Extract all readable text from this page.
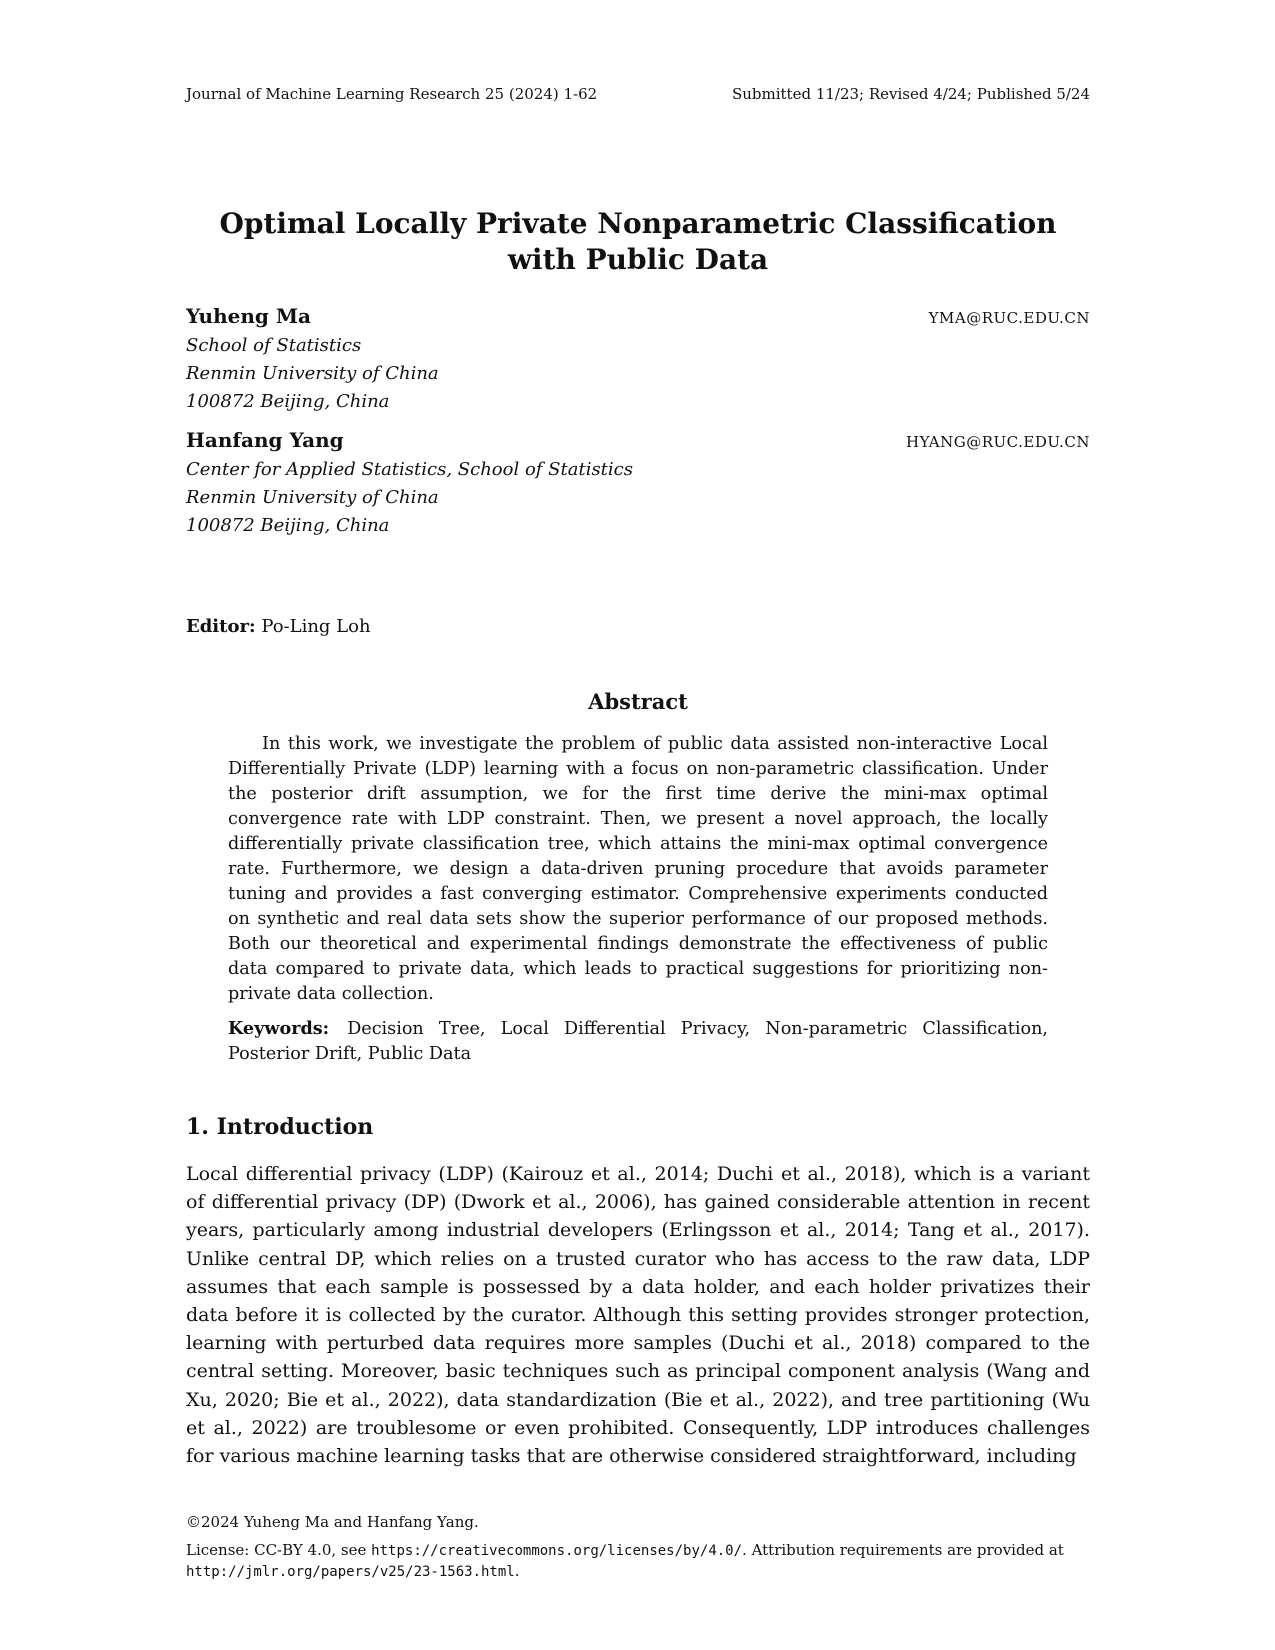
Journal of Machine Learning Research 25 (2024) 1-62	Submitted 11/23; Revised 4/24; Published 5/24
Optimal Locally Private Nonparametric Classification
with Public Data
Yuheng Ma	YMA@RUC.EDU.CN
School of Statistics
Renmin University of China
100872 Beijing, China
Hanfang Yang	HYANG@RUC.EDU.CN
Center for Applied Statistics, School of Statistics
Renmin University of China
100872 Beijing, China
Editor: Po-Ling Loh
Abstract

In this work, we investigate the problem of public data assisted non-interactive Local Differentially Private (LDP) learning with a focus on non-parametric classification. Under the posterior drift assumption, we for the first time derive the mini-max optimal convergence rate with LDP constraint. Then, we present a novel approach, the locally differentially private classification tree, which attains the mini-max optimal convergence rate. Furthermore, we design a data-driven pruning procedure that avoids parameter tuning and provides a fast converging estimator. Comprehensive experiments conducted on synthetic and real data sets show the superior performance of our proposed methods. Both our theoretical and experimental findings demonstrate the effectiveness of public data compared to private data, which leads to practical suggestions for prioritizing non-private data collection.

Keywords: Decision Tree, Local Differential Privacy, Non-parametric Classification, Posterior Drift, Public Data

1. Introduction

Local differential privacy (LDP) (Kairouz et al., 2014; Duchi et al., 2018), which is a variant of differential privacy (DP) (Dwork et al., 2006), has gained considerable attention in recent years, particularly among industrial developers (Erlingsson et al., 2014; Tang et al., 2017). Unlike central DP, which relies on a trusted curator who has access to the raw data, LDP assumes that each sample is possessed by a data holder, and each holder privatizes their data before it is collected by the curator. Although this setting provides stronger protection, learning with perturbed data requires more samples (Duchi et al., 2018) compared to the central setting. Moreover, basic techniques such as principal component analysis (Wang and Xu, 2020; Bie et al., 2022), data standardization (Bie et al., 2022), and tree partitioning (Wu et al., 2022) are troublesome or even prohibited. Consequently, LDP introduces challenges for various machine learning tasks that are otherwise considered straightforward, including

©2024 Yuheng Ma and Hanfang Yang.
License: CC-BY 4.0, see https://creativecommons.org/licenses/by/4.0/. Attribution requirements are provided at http://jmlr.org/papers/v25/23-1563.html.
